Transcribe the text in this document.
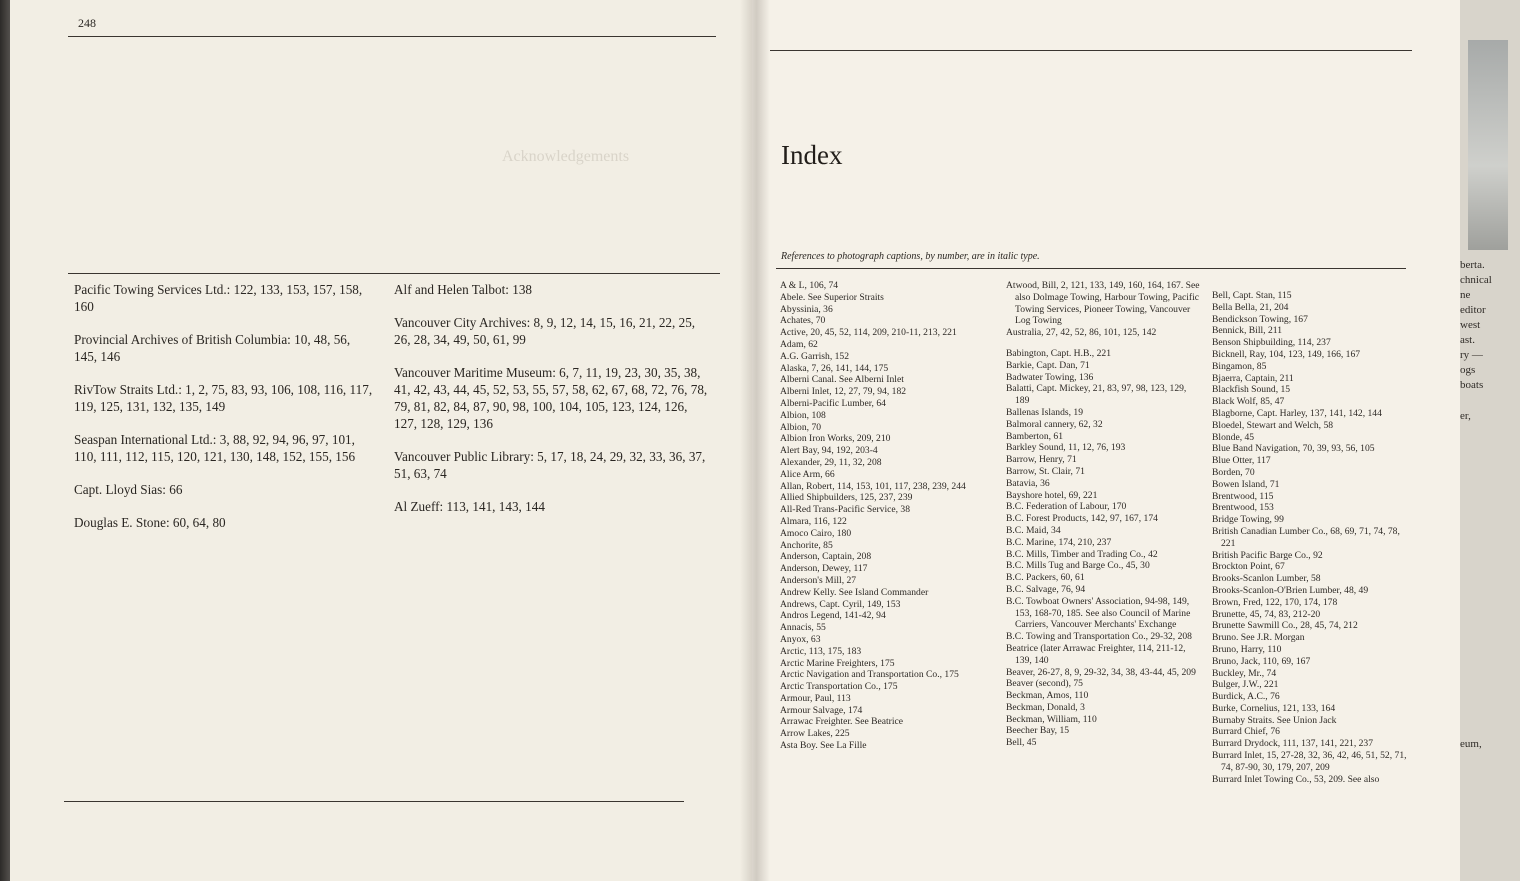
248
Acknowledgements
Pacific Towing Services Ltd.: 122, 133, 153, 157, 158, 160
Provincial Archives of British Columbia: 10, 48, 56, 145, 146
RivTow Straits Ltd.: 1, 2, 75, 83, 93, 106, 108, 116, 117, 119, 125, 131, 132, 135, 149
Seaspan International Ltd.: 3, 88, 92, 94, 96, 97, 101, 110, 111, 112, 115, 120, 121, 130, 148, 152, 155, 156
Capt. Lloyd Sias: 66
Douglas E. Stone: 60, 64, 80
Alf and Helen Talbot: 138
Vancouver City Archives: 8, 9, 12, 14, 15, 16, 21, 22, 25, 26, 28, 34, 49, 50, 61, 99
Vancouver Maritime Museum: 6, 7, 11, 19, 23, 30, 35, 38, 41, 42, 43, 44, 45, 52, 53, 55, 57, 58, 62, 67, 68, 72, 76, 78, 79, 81, 82, 84, 87, 90, 98, 100, 104, 105, 123, 124, 126, 127, 128, 129, 136
Vancouver Public Library: 5, 17, 18, 24, 29, 32, 33, 36, 37, 51, 63, 74
Al Zueff: 113, 141, 143, 144
Index
References to photograph captions, by number, are in italic type.
A & L, 106, 74
Abele. See Superior Straits
Abyssinia, 36
Achates, 70
Active, 20, 45, 52, 114, 209, 210-11, 213, 221
Adam, 62
A.G. Garrish, 152
Alaska, 7, 26, 141, 144, 175
Alberni Canal. See Alberni Inlet
Alberni Inlet, 12, 27, 79, 94, 182
Alberni-Pacific Lumber, 64
Albion, 108
Albion, 70
Albion Iron Works, 209, 210
Alert Bay, 94, 192, 203-4
Alexander, 29, 11, 32, 208
Alice Arm, 66
Allan, Robert, 114, 153, 101, 117, 238, 239, 244
Allied Shipbuilders, 125, 237, 239
All-Red Trans-Pacific Service, 38
Almara, 116, 122
Amoco Cairo, 180
Anchorite, 85
Anderson, Captain, 208
Anderson, Dewey, 117
Anderson's Mill, 27
Andrew Kelly. See Island Commander
Andrews, Capt. Cyril, 149, 153
Andros Legend, 141-42, 94
Annacis, 55
Anyox, 63
Arctic, 113, 175, 183
Arctic Marine Freighters, 175
Arctic Navigation and Transportation Co., 175
Arctic Transportation Co., 175
Armour, Paul, 113
Armour Salvage, 174
Arrawac Freighter. See Beatrice
Arrow Lakes, 225
Asta Boy. See La Fille
Atwood, Bill, 2, 121, 133, 149, 160, 164, 167. See also Dolmage Towing, Harbour Towing, Pacific Towing Services, Pioneer Towing, Vancouver Log Towing
Australia, 27, 42, 52, 86, 101, 125, 142
Babington, Capt. H.B., 221
Barkie, Capt. Dan, 71
Badwater Towing, 136
Balatti, Capt. Mickey, 21, 83, 97, 98, 123, 129, 189
Ballenas Islands, 19
Balmoral cannery, 62, 32
Bamberton, 61
Barkley Sound, 11, 12, 76, 193
Barrow, Henry, 71
Barrow, St. Clair, 71
Batavia, 36
Bayshore hotel, 69, 221
B.C. Federation of Labour, 170
B.C. Forest Products, 142, 97, 167, 174
B.C. Maid, 34
B.C. Marine, 174, 210, 237
B.C. Mills, Timber and Trading Co., 42
B.C. Mills Tug and Barge Co., 45, 30
B.C. Packers, 60, 61
B.C. Salvage, 76, 94
B.C. Towboat Owners' Association, 94-98, 149, 153, 168-70, 185. See also Council of Marine Carriers, Vancouver Merchants' Exchange
B.C. Towing and Transportation Co., 29-32, 208
Beatrice (later Arrawac Freighter, 114, 211-12, 139, 140
Beaver, 26-27, 8, 9, 29-32, 34, 38, 43-44, 45, 209
Beaver (second), 75
Beckman, Amos, 110
Beckman, Donald, 3
Beckman, William, 110
Beecher Bay, 15
Bell, 45
Bell, Capt. Stan, 115
Bella Bella, 21, 204
Bendickson Towing, 167
Bennick, Bill, 211
Benson Shipbuilding, 114, 237
Bicknell, Ray, 104, 123, 149, 166, 167
Bingamon, 85
Bjaerra, Captain, 211
Blackfish Sound, 15
Black Wolf, 85, 47
Blagborne, Capt. Harley, 137, 141, 142, 144
Bloedel, Stewart and Welch, 58
Blonde, 45
Blue Band Navigation, 70, 39, 93, 56, 105
Blue Otter, 117
Borden, 70
Bowen Island, 71
Brentwood, 115
Brentwood, 153
Bridge Towing, 99
British Canadian Lumber Co., 68, 69, 71, 74, 78, 221
British Pacific Barge Co., 92
Brockton Point, 67
Brooks-Scanlon Lumber, 58
Brooks-Scanlon-O'Brien Lumber, 48, 49
Brown, Fred, 122, 170, 174, 178
Brunette, 45, 74, 83, 212-20
Brunette Sawmill Co., 28, 45, 74, 212
Bruno. See J.R. Morgan
Bruno, Harry, 110
Bruno, Jack, 110, 69, 167
Buckley, Mr., 74
Bulger, J.W., 221
Burdick, A.C., 76
Burke, Cornelius, 121, 133, 164
Burnaby Straits. See Union Jack
Burrard Chief, 76
Burrard Drydock, 111, 137, 141, 221, 237
Burrard Inlet, 15, 27-28, 32, 36, 42, 46, 51, 52, 71, 74, 87-90, 30, 179, 207, 209
Burrard Inlet Towing Co., 53, 209. See also
berta.
chnical
ne
editor
west
ast.
ry —
ogs
boats
er,
eum,
